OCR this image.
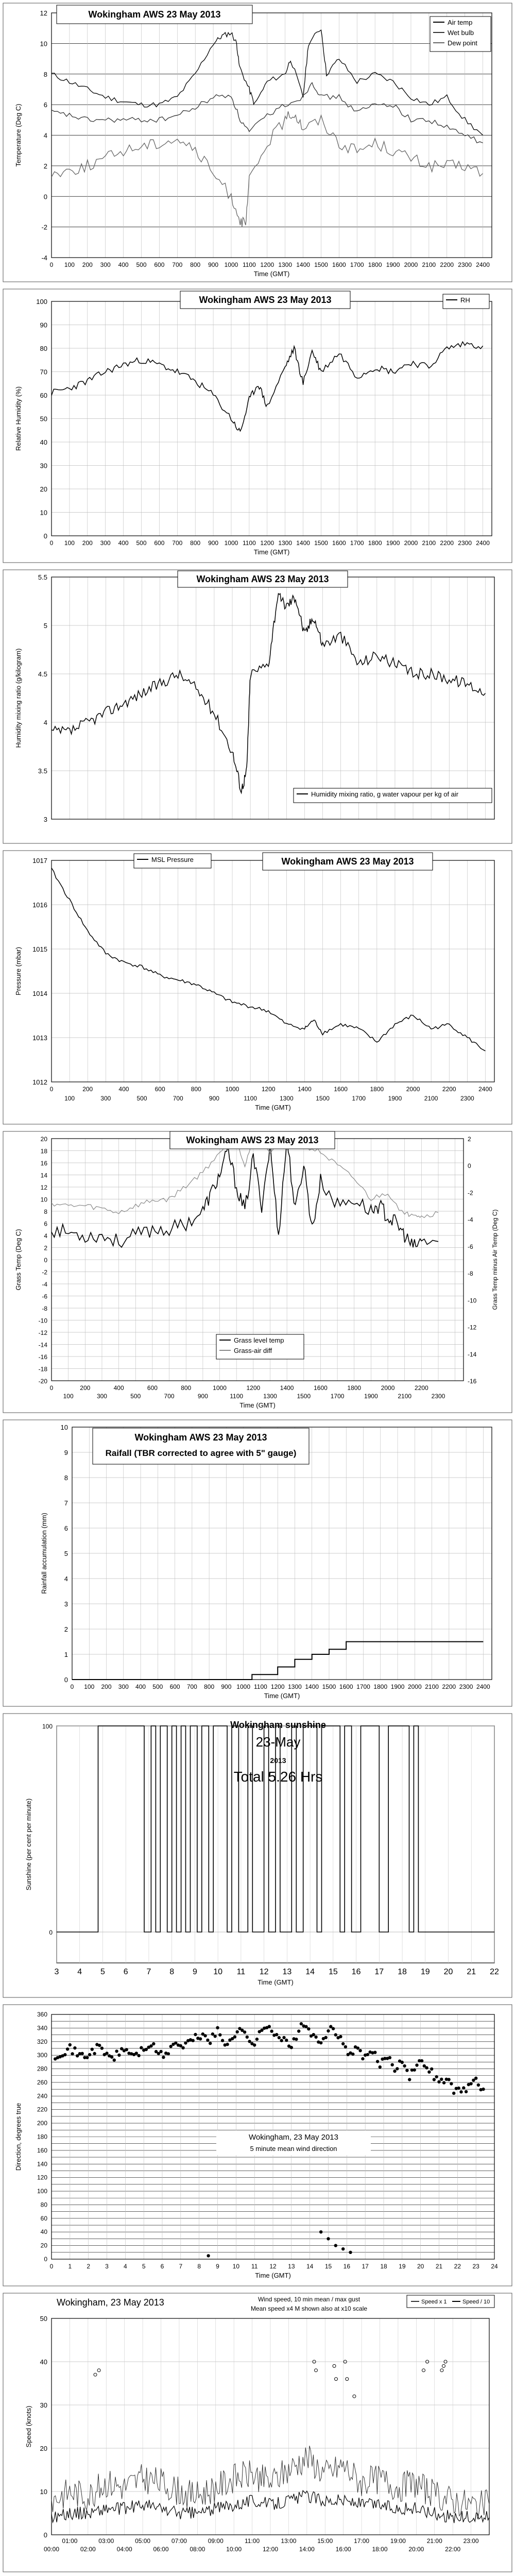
-4
-2
0
2
4
6
8
10
12
0 100 200 300 400 500 600 700 800 900 1000 1100 1200 1300 1400 1500 1600 1700 1800 1900 2000 2100 2200 2300 2400
Time (GMT)
Temperature (Deg C)
Wokingham AWS 23 May 2013
Air temp
Wet bulb
Dew point
0
10
20
30
40
50
60
70
80
90
100
0 100 200 300 400 500 600 700 800 900 1000 1100 1200 1300 1400 1500 1600 1700 1800 1900 2000 2100 2200 2300 2400
Time (GMT)
Relative Humidity (%)
Wokingham AWS 23 May 2013	RH
3
3.5
4
4.5
5
5.5
Humidity mixing ratio (g/kilogram)
Wokingham AWS 23 May 2013
Humidity mixing ratio, g water vapour per kg of air
1012
1013
1014
1015
1016
1017
0	200	400	600	800	1000	1200	1400	1600	1800	2000	2200	2400
100	300	500	700	900	1100	1300	1500	1700	1900	2100	2300
Time (GMT)
Pressure (mbar)
MSL Pressure	Wokingham AWS 23 May 2013
-20
-18
-16
-14
-12
-10
-8
-6
-4
-2
0
2
4
6
8
10
12
14
16
18
20
-16
-14
-12
-10
-8
-6
-4
-2
0
2
0	200	400	600	800	1000	1200	1400	1600	1800	2000	2200
100	300	500	700	900	1100	1300	1500	1700	1900	2100	2300
Time (GMT)
Grass Temp (Deg C)	Grass Temp minus Air Temp (Deg C)
Wokingham AWS 23 May 2013
Grass level temp
Grass-air diff
0
1
2
3
4
5
6
7
8
9
10
0 100 200 300 400 500 600 700 800 900 1000 1100 1200 1300 1400 1500 1600 1700 1800 1900 2000 2100 2200 2300 2400
Time (GMT)
Rainfall accumulation (mm)
Wokingham AWS 23 May 2013
Raifall (TBR corrected to agree with 5" gauge)
3 4 5 6 7 8 9 10 11 12 13 14 15 16 17 18 19 20 21 22
0
100
Time (GMT)
Sunshine (per cent per minute)
Wokingham sunshine
23-May
2013
Total 5.26 Hrs
0
20
40
60
80
100
120
140
160
180
200
220
240
260
280
300
320
340
360
0 1 2 3 4 5 6 7 8 9 10 11 12 13 14 15 16 17 18 19 20 21 22 23 24
Wokingham, 23 May 2013
5 minute mean wind direction
Time (GMT)
Direction, degrees true
0
10
20
30
40
50
01:00	03:00	05:00	07:00	09:00	11:00	13:00	15:00	17:00	19:00	21:00	23:00
00:00	02:00	04:00	06:00	08:00	10:00	12:00	14:00	16:00	18:00	20:00	22:00
Speed (knots)
Wokingham, 23 May 2013	Wind speed, 10 min mean / max gust
Mean speed x4 M shown also at x10 scale
Speed x 1	Speed / 10
